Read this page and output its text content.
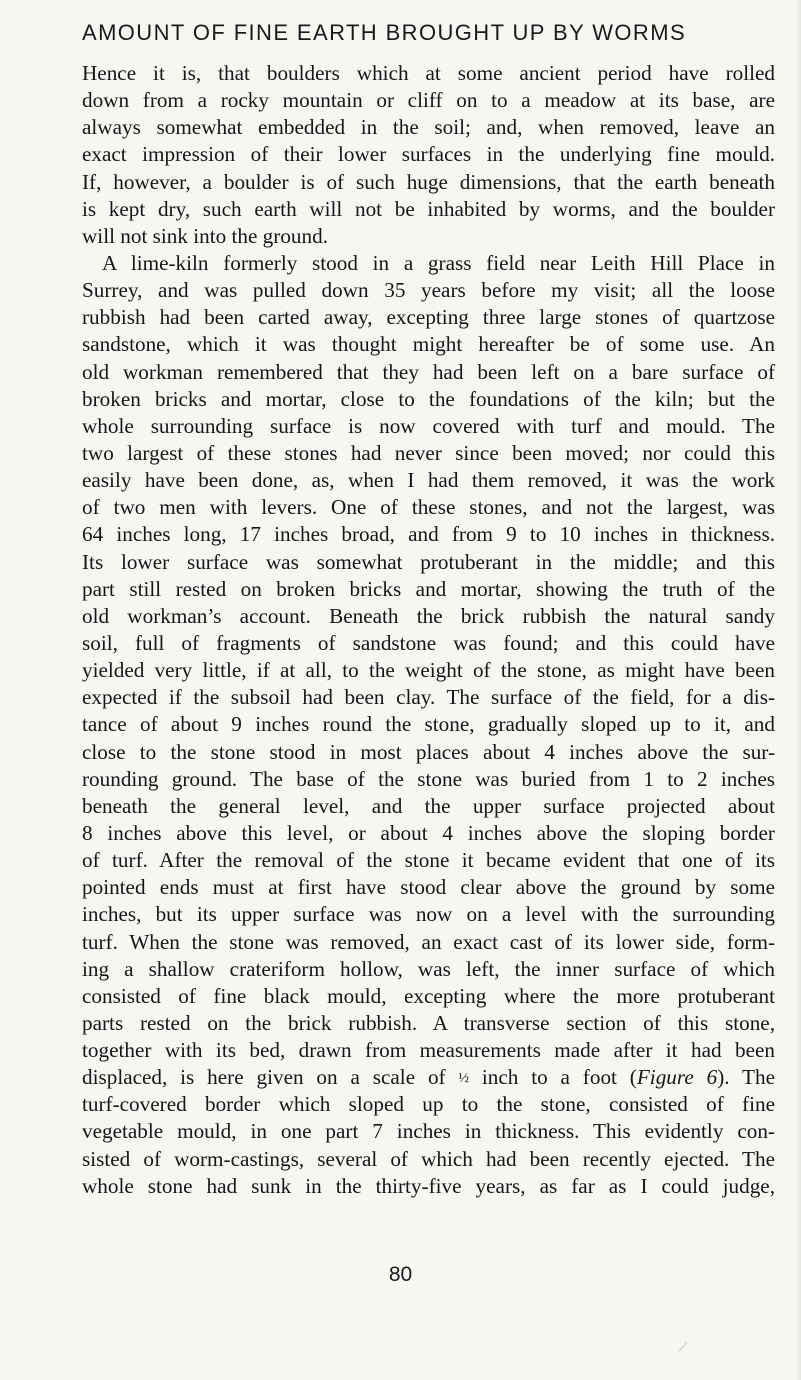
AMOUNT OF FINE EARTH BROUGHT UP BY WORMS
Hence it is, that boulders which at some ancient period have rolled
down from a rocky mountain or cliff on to a meadow at its base, are
always somewhat embedded in the soil; and, when removed, leave an
exact impression of their lower surfaces in the underlying fine mould.
If, however, a boulder is of such huge dimensions, that the earth beneath
is kept dry, such earth will not be inhabited by worms, and the boulder
will not sink into the ground.
A lime-kiln formerly stood in a grass field near Leith Hill Place in
Surrey, and was pulled down 35 years before my visit; all the loose
rubbish had been carted away, excepting three large stones of quartzose
sandstone, which it was thought might hereafter be of some use. An
old workman remembered that they had been left on a bare surface of
broken bricks and mortar, close to the foundations of the kiln; but the
whole surrounding surface is now covered with turf and mould. The
two largest of these stones had never since been moved; nor could this
easily have been done, as, when I had them removed, it was the work
of two men with levers. One of these stones, and not the largest, was
64 inches long, 17 inches broad, and from 9 to 10 inches in thickness.
Its lower surface was somewhat protuberant in the middle; and this
part still rested on broken bricks and mortar, showing the truth of the
old workman’s account. Beneath the brick rubbish the natural sandy
soil, full of fragments of sandstone was found; and this could have
yielded very little, if at all, to the weight of the stone, as might have been
expected if the subsoil had been clay. The surface of the field, for a dis-
tance of about 9 inches round the stone, gradually sloped up to it, and
close to the stone stood in most places about 4 inches above the sur-
rounding ground. The base of the stone was buried from 1 to 2 inches
beneath the general level, and the upper surface projected about
8 inches above this level, or about 4 inches above the sloping border
of turf. After the removal of the stone it became evident that one of its
pointed ends must at first have stood clear above the ground by some
inches, but its upper surface was now on a level with the surrounding
turf. When the stone was removed, an exact cast of its lower side, form-
ing a shallow crateriform hollow, was left, the inner surface of which
consisted of fine black mould, excepting where the more protuberant
parts rested on the brick rubbish. A transverse section of this stone,
together with its bed, drawn from measurements made after it had been
displaced, is here given on a scale of ½ inch to a foot (Figure 6). The
turf-covered border which sloped up to the stone, consisted of fine
vegetable mould, in one part 7 inches in thickness. This evidently con-
sisted of worm-castings, several of which had been recently ejected. The
whole stone had sunk in the thirty-five years, as far as I could judge,
80
